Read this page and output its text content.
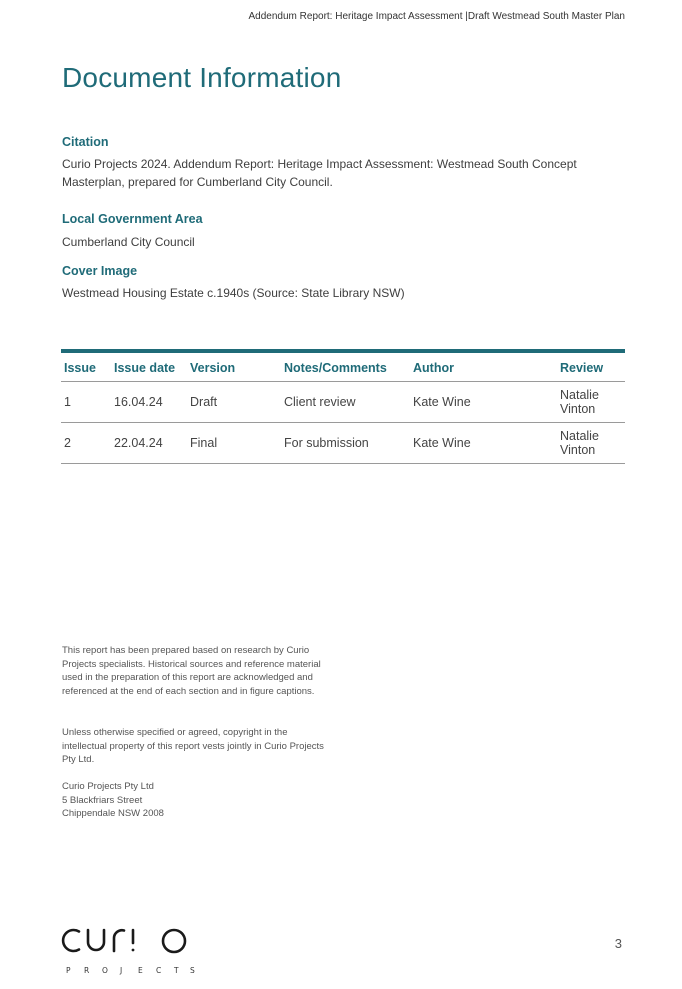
Addendum Report: Heritage Impact Assessment |Draft Westmead South Master Plan
Document Information
Citation
Curio Projects 2024. Addendum Report: Heritage Impact Assessment: Westmead South Concept Masterplan, prepared for Cumberland City Council.
Local Government Area
Cumberland City Council
Cover Image
Westmead Housing Estate c.1940s (Source: State Library NSW)
Issue	Issue date	Version	Notes/Comments	Author	Review
1	16.04.24	Draft	Client review	Kate Wine	Natalie Vinton
2	22.04.24	Final	For submission	Kate Wine	Natalie Vinton

This report has been prepared based on research by Curio Projects specialists. Historical sources and reference material used in the preparation of this report are acknowledged and referenced at the end of each section and in figure captions.

Unless otherwise specified or agreed, copyright in the intellectual property of this report vests jointly in Curio Projects Pty Ltd.

Curio Projects Pty Ltd
5 Blackfriars Street
Chippendale NSW 2008
P R O J E C T S
3
